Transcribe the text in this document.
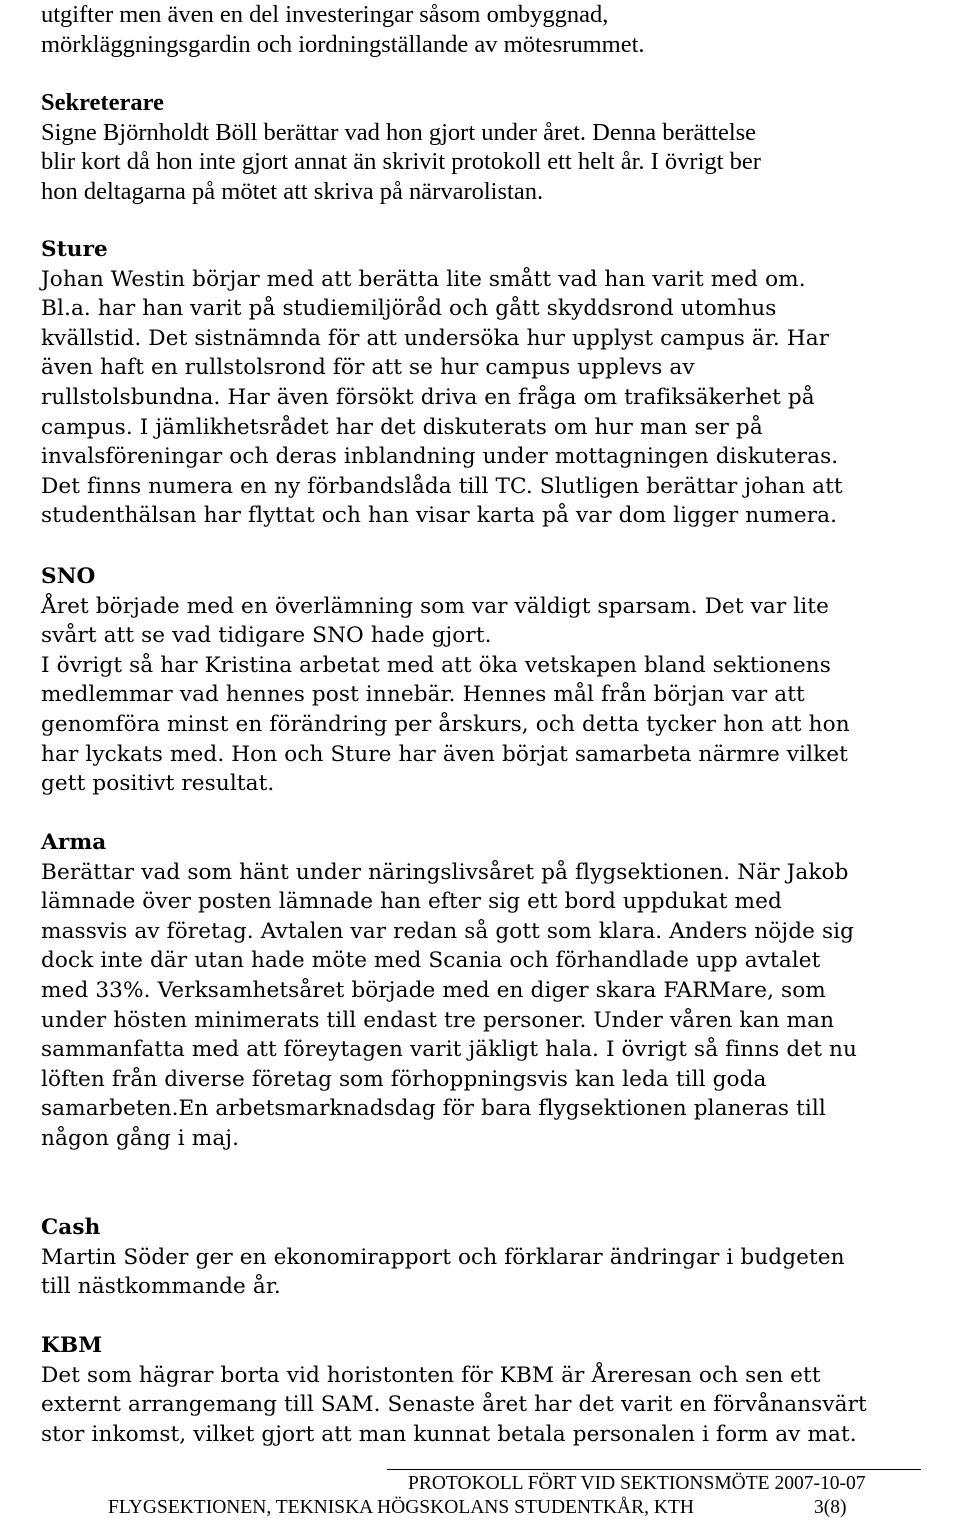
utgifter men även en del investeringar såsom ombyggnad,
mörkläggningsgardin och iordningställande av mötesrummet.
Sekreterare
Signe Björnholdt Böll berättar vad hon gjort under året. Denna berättelse
blir kort då hon inte gjort annat än skrivit protokoll ett helt år. I övrigt ber
hon deltagarna på mötet att skriva på närvarolistan.
Sture
Johan Westin börjar med att berätta lite smått vad han varit med om.
Bl.a. har han varit på studiemiljöråd och gått skyddsrond utomhus
kvällstid. Det sistnämnda för att undersöka hur upplyst campus är. Har
även haft en rullstolsrond för att se hur campus upplevs av
rullstolsbundna. Har även försökt driva en fråga om trafiksäkerhet på
campus. I jämlikhetsrådet har det diskuterats om hur man ser på
invalsföreningar och deras inblandning under mottagningen diskuteras.
Det finns numera en ny förbandslåda till TC. Slutligen berättar johan att
studenthälsan har flyttat och han visar karta på var dom ligger numera.
SNO
Året började med en överlämning som var väldigt sparsam. Det var lite
svårt att se vad tidigare SNO hade gjort.
I övrigt så har Kristina arbetat med att öka vetskapen bland sektionens
medlemmar vad hennes post innebär. Hennes mål från början var att
genomföra minst en förändring per årskurs, och detta tycker hon att hon
har lyckats med. Hon och Sture har även börjat samarbeta närmre vilket
gett positivt resultat.
Arma
Berättar vad som hänt under näringslivsåret på flygsektionen. När Jakob
lämnade över posten lämnade han efter sig ett bord uppdukat med
massvis av företag. Avtalen var redan så gott som klara. Anders nöjde sig
dock inte där utan hade möte med Scania och förhandlade upp avtalet
med 33%. Verksamhetsåret började med en diger skara FARMare, som
under hösten minimerats till endast tre personer. Under våren kan man
sammanfatta med att föreytagen varit jäkligt hala. I övrigt så finns det nu
löften från diverse företag som förhoppningsvis kan leda till goda
samarbeten.En arbetsmarknadsdag för bara flygsektionen planeras till
någon gång i maj.
Cash
Martin Söder ger en ekonomirapport och förklarar ändringar i budgeten
till nästkommande år.
KBM
Det som hägrar borta vid horistonten för KBM är Åreresan och sen ett
externt arrangemang till SAM. Senaste året har det varit en förvånansvärt
stor inkomst, vilket gjort att man kunnat betala personalen i form av mat.
PROTOKOLL FÖRT VID SEKTIONSMÖTE 2007-10-07
FLYGSEKTIONEN, TEKNISKA HÖGSKOLANS STUDENTKÅR, KTH	3(8)
